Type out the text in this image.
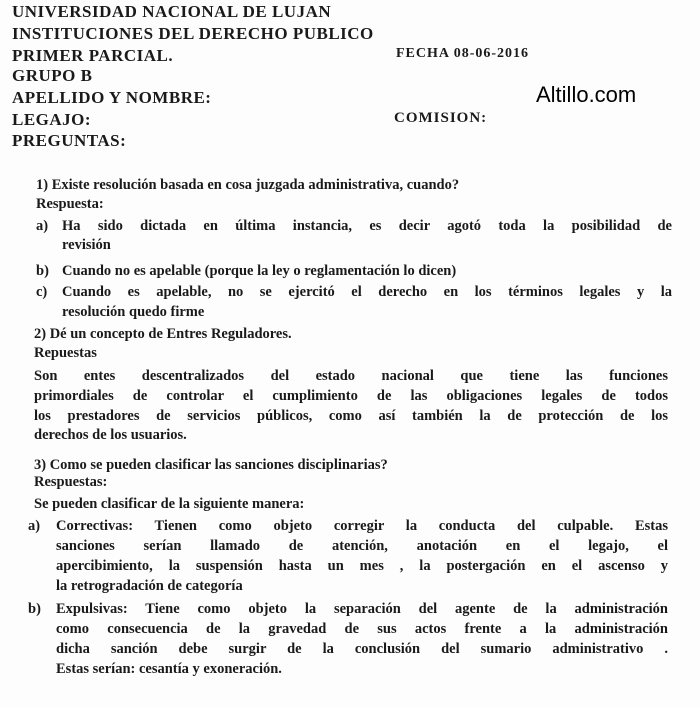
UNIVERSIDAD NACIONAL DE LUJAN
INSTITUCIONES DEL DERECHO PUBLICO
PRIMER PARCIAL.	FECHA 08-06-2016
GRUPO B
APELLIDO Y NOMBRE:
LEGAJO:	COMISION:
PREGUNTAS:
Altillo.com
1) Existe resolución basada en cosa juzgada administrativa, cuando?
Respuesta:
a) Ha sido dictada en última instancia, es decir agotó toda la posibilidad de
revisión
b) Cuando no es apelable (porque la ley o reglamentación lo dicen)
c) Cuando es apelable, no se ejercitó el derecho en los términos legales y la
resolución quedo firme
2) Dé un concepto de Entres Reguladores.
Repuestas
Son entes descentralizados del estado nacional que tiene las funciones
primordiales de controlar el cumplimiento de las obligaciones legales de todos
los prestadores de servicios públicos, como así también la de protección de los
derechos de los usuarios.
3) Como se pueden clasificar las sanciones disciplinarias?
Respuestas:
Se pueden clasificar de la siguiente manera:
a) Correctivas: Tienen como objeto corregir la conducta del culpable. Estas
sanciones serían llamado de atención, anotación en el legajo, el
apercibimiento, la suspensión hasta un mes , la postergación en el ascenso y
la retrogradación de categoría
b) Expulsivas: Tiene como objeto la separación del agente de la administración
como consecuencia de la gravedad de sus actos frente a la administración
dicha sanción debe surgir de la conclusión del sumario administrativo .
Estas serían: cesantía y exoneración.
